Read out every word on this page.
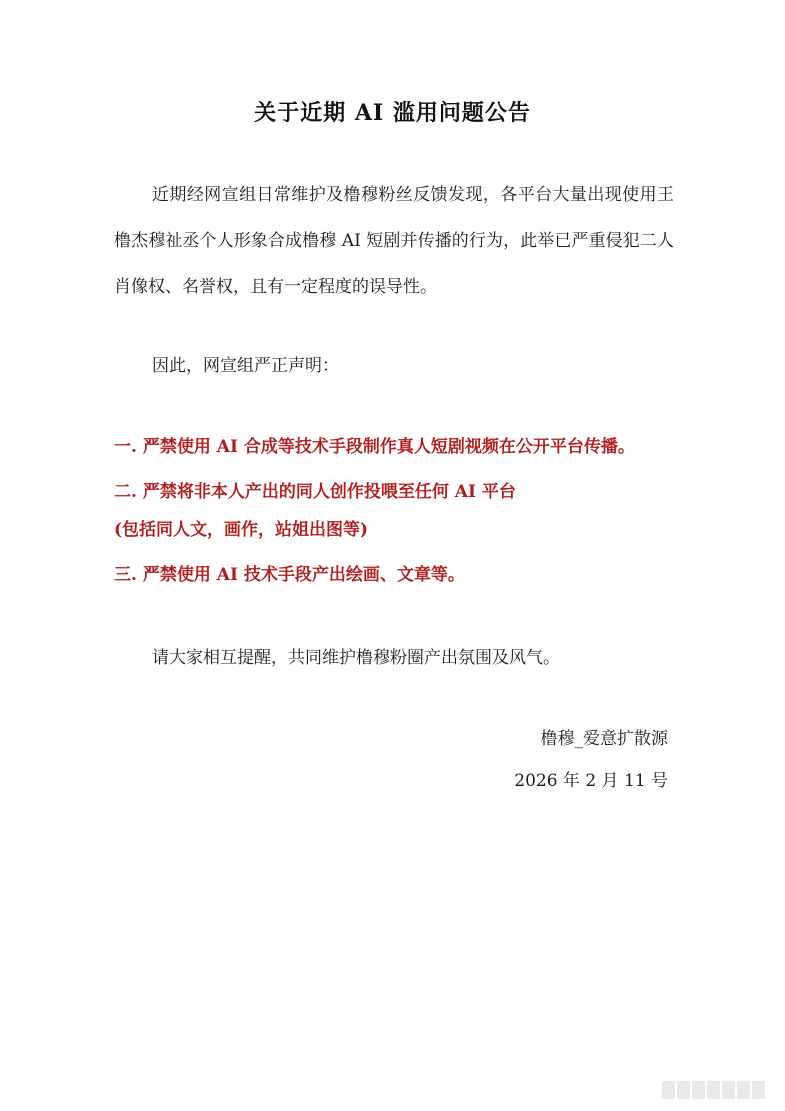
关于近期 AI 滥用问题公告
近期经网宣组日常维护及橹穆粉丝反馈发现，各平台大量出现使用王橹杰穆祉丞个人形象合成橹穆 AI 短剧并传播的行为，此举已严重侵犯二人肖像权、名誉权，且有一定程度的误导性。
因此，网宣组严正声明：
一. 严禁使用 AI 合成等技术手段制作真人短剧视频在公开平台传播。
二. 严禁将非本人产出的同人创作投喂至任何 AI 平台
(包括同人文，画作，站姐出图等)
三. 严禁使用 AI 技术手段产出绘画、文章等。
请大家相互提醒，共同维护橹穆粉圈产出氛围及风气。
橹穆_爱意扩散源
2026 年 2 月 11 号
